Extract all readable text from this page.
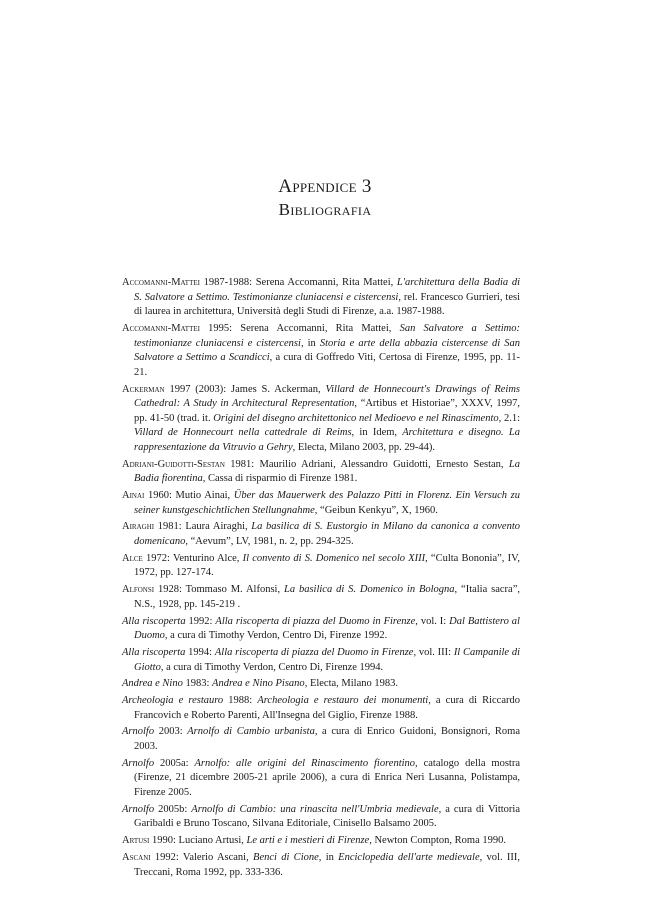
Appendice 3
Bibliografia

Accomanni-Mattei 1987-1988: Serena Accomanni, Rita Mattei, L'architettura della Badia di S. Salvatore a Settimo. Testimonianze cluniacensi e cistercensi, rel. Francesco Gurrieri, tesi di laurea in architettura, Università degli Studi di Firenze, a.a. 1987-1988.

Accomanni-Mattei 1995: Serena Accomanni, Rita Mattei, San Salvatore a Settimo: testimonianze cluniacensi e cistercensi, in Storia e arte della abbazia cistercense di San Salvatore a Settimo a Scandicci, a cura di Goffredo Viti, Certosa di Firenze, 1995, pp. 11-21.

Ackerman 1997 (2003): James S. Ackerman, Villard de Honnecourt's Drawings of Reims Cathedral: A Study in Architectural Representation, “Artibus et Historiae”, XXXV, 1997, pp. 41-50 (trad. it. Origini del disegno architettonico nel Medioevo e nel Rinascimento, 2.1: Villard de Honnecourt nella cattedrale di Reims, in Idem, Architettura e disegno. La rappresentazione da Vitruvio a Gehry, Electa, Milano 2003, pp. 29-44).

Adriani-Guidotti-Sestan 1981: Maurilio Adriani, Alessandro Guidotti, Ernesto Sestan, La Badia fiorentina, Cassa di risparmio di Firenze 1981.

Ainai 1960: Mutio Ainai, Über das Mauerwerk des Palazzo Pitti in Florenz. Ein Versuch zu seiner kunstgeschichtlichen Stellungnahme, “Geibun Kenkyu”, X, 1960.

Airaghi 1981: Laura Airaghi, La basilica di S. Eustorgio in Milano da canonica a convento domenicano, “Aevum”, LV, 1981, n. 2, pp. 294-325.

Alce 1972: Venturino Alce, Il convento di S. Domenico nel secolo XIII, “Culta Bononia”, IV, 1972, pp. 127-174.

Alfonsi 1928: Tommaso M. Alfonsi, La basilica di S. Domenico in Bologna, “Italia sacra”, N.S., 1928, pp. 145-219 .

Alla riscoperta 1992: Alla riscoperta di piazza del Duomo in Firenze, vol. I: Dal Battistero al Duomo, a cura di Timothy Verdon, Centro Di, Firenze 1992.

Alla riscoperta 1994: Alla riscoperta di piazza del Duomo in Firenze, vol. III: Il Campanile di Giotto, a cura di Timothy Verdon, Centro Di, Firenze 1994.

Andrea e Nino 1983: Andrea e Nino Pisano, Electa, Milano 1983.

Archeologia e restauro 1988: Archeologia e restauro dei monumenti, a cura di Riccardo Francovich e Roberto Parenti, All'Insegna del Giglio, Firenze 1988.

Arnolfo 2003: Arnolfo di Cambio urbanista, a cura di Enrico Guidoni, Bonsignori, Roma 2003.

Arnolfo 2005a: Arnolfo: alle origini del Rinascimento fiorentino, catalogo della mostra (Firenze, 21 dicembre 2005-21 aprile 2006), a cura di Enrica Neri Lusanna, Polistampa, Firenze 2005.

Arnolfo 2005b: Arnolfo di Cambio: una rinascita nell'Umbria medievale, a cura di Vittoria Garibaldi e Bruno Toscano, Silvana Editoriale, Cinisello Balsamo 2005.

Artusi 1990: Luciano Artusi, Le arti e i mestieri di Firenze, Newton Compton, Roma 1990.

Ascani 1992: Valerio Ascani, Benci di Cione, in Enciclopedia dell'arte medievale, vol. III, Treccani, Roma 1992, pp. 333-336.
